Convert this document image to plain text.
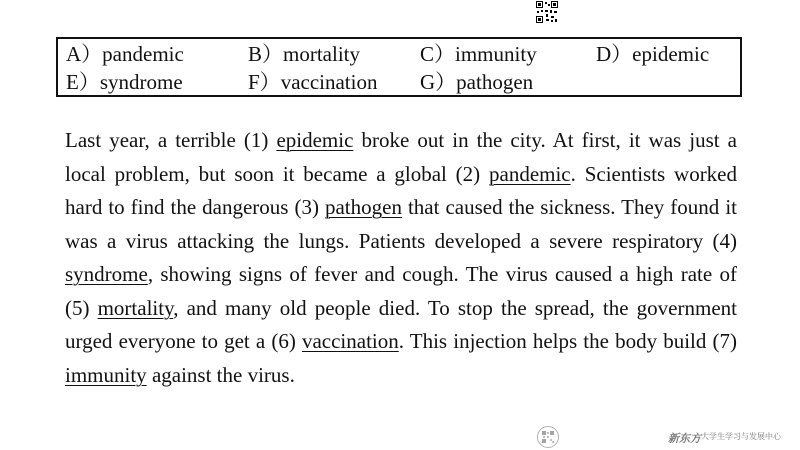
A）pandemic	B）mortality	C）immunity	D）epidemic
E）syndrome	F）vaccination G）pathogen
Last year, a terrible (1) epidemic broke out in the city. At first, it was just a local problem, but soon it became a global (2) pandemic. Scientists worked hard to find the dangerous (3) pathogen that caused the sickness. They found it was a virus attacking the lungs. Patients developed a severe respiratory (4) syndrome, showing signs of fever and cough. The virus caused a high rate of (5) mortality, and many old people died. To stop the spread, the government urged everyone to get a (6) vaccination. This injection helps the body build (7) immunity against the virus.
新东方 大学生学习与发展中心
